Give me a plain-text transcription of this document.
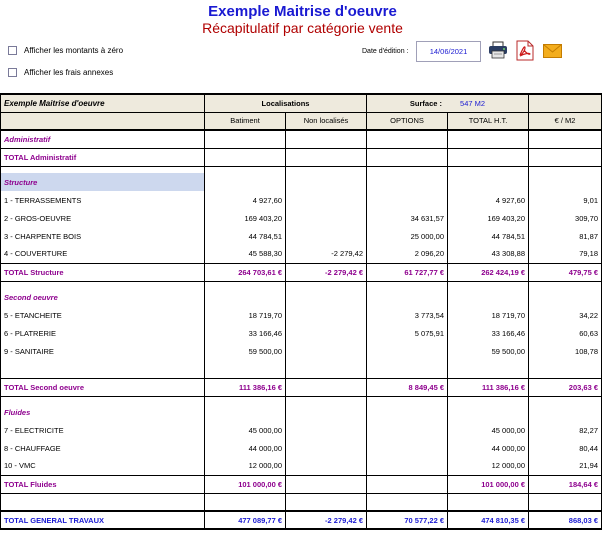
Exemple Maitrise d'oeuvre
Récapitulatif par catégorie vente
Afficher les montants à zéro
Afficher les frais annexes
Date d'édition :
14/06/2021
Exemple Maitrise d'oeuvre	Localisations		Surface : 547 M2		
	Batiment	Non localisés	OPTIONS	TOTAL H.T.	€ / M2
Administratif					
TOTAL Administratif					

Structure					
1 - TERRASSEMENTS	4 927,60			4 927,60	9,01
2 - GROS-OEUVRE	169 403,20		34 631,57	169 403,20	309,70
3 - CHARPENTE BOIS	44 784,51		25 000,00	44 784,51	81,87
4 - COUVERTURE	45 588,30	-2 279,42	2 096,20	43 308,88	79,18
TOTAL Structure	264 703,61 €	-2 279,42 €	61 727,77 €	262 424,19 €	479,75 €

Second oeuvre					
5 - ETANCHEITE	18 719,70		3 773,54	18 719,70	34,22
6 - PLATRERIE	33 166,46		5 075,91	33 166,46	60,63
9 - SANITAIRE	59 500,00			59 500,00	108,78

TOTAL Second oeuvre	111 386,16 €		8 849,45 €	111 386,16 €	203,63 €

Fluides					
7 - ELECTRICITE	45 000,00			45 000,00	82,27
8 - CHAUFFAGE	44 000,00			44 000,00	80,44
10 - VMC	12 000,00			12 000,00	21,94
TOTAL Fluides	101 000,00 €			101 000,00 €	184,64 €

TOTAL GENERAL TRAVAUX	477 089,77 €	-2 279,42 €	70 577,22 €	474 810,35 €	868,03 €
